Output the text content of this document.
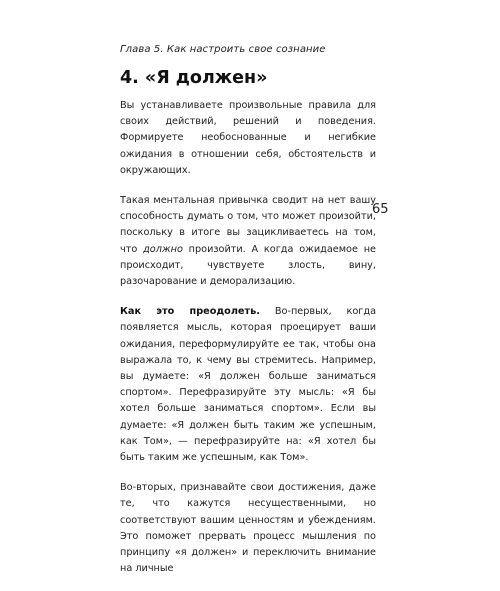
Глава 5. Как настроить свое сознание
4. «Я должен»

Вы устанавливаете произвольные правила для своих действий, решений и поведения. Формируете необоснованные и негибкие ожидания в отношении себя, обстоятельств и окружающих.

Такая ментальная привычка сводит на нет вашу способность думать о том, что может произойти, поскольку в итоге вы зацикливаетесь на том, что должно произойти. А когда ожидаемое не происходит, чувствуете злость, вину, разочарование и деморализацию.

Как это преодолеть. Во-первых, когда появляется мысль, которая проецирует ваши ожидания, переформулируйте ее так, чтобы она выражала то, к чему вы стремитесь. Например, вы думаете: «Я должен больше заниматься спортом». Перефразируйте эту мысль: «Я бы хотел больше заниматься спортом». Если вы думаете: «Я должен быть таким же успешным, как Том», — перефразируйте на: «Я хотел бы быть таким же успешным, как Том».

Во-вторых, признавайте свои достижения, даже те, что кажутся несущественными, но соответствуют вашим ценностям и убеждениям. Это поможет прервать процесс мышления по принципу «я должен» и переключить внимание на личные

65
